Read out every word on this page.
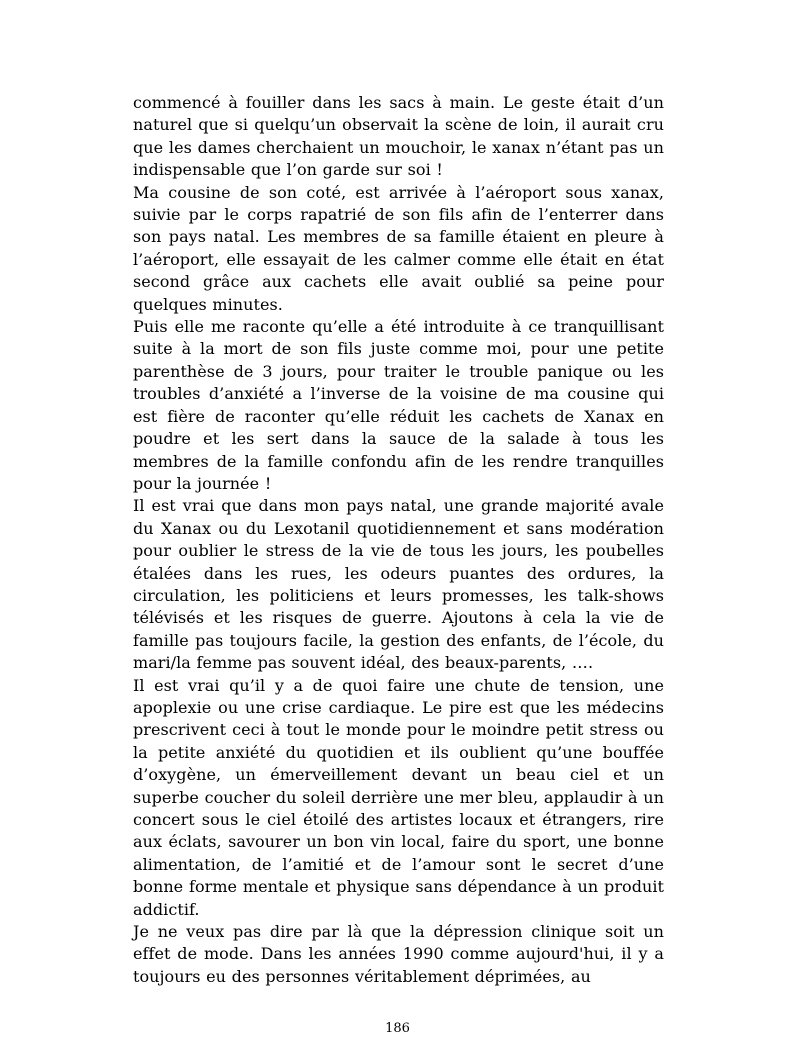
commencé à fouiller dans les sacs à main. Le geste était d’un naturel que si quelqu’un observait la scène de loin, il aurait cru que les dames cherchaient un mouchoir, le xanax n’étant pas un indispensable que l’on garde sur soi !

Ma cousine de son coté, est arrivée à l’aéroport sous xanax, suivie par le corps rapatrié de son fils afin de l’enterrer dans son pays natal. Les membres de sa famille étaient en pleure à l’aéroport, elle essayait de les calmer comme elle était en état second grâce aux cachets elle avait oublié sa peine pour quelques minutes.

Puis elle me raconte qu’elle a été introduite à ce tranquillisant suite à la mort de son fils juste comme moi, pour une petite parenthèse de 3 jours, pour traiter le trouble panique ou les troubles d’anxiété a l’inverse de la voisine de ma cousine qui est fière de raconter qu’elle réduit les cachets de Xanax en poudre et les sert dans la sauce de la salade à tous les membres de la famille confondu afin de les rendre tranquilles pour la journée !

Il est vrai que dans mon pays natal, une grande majorité avale du Xanax ou du Lexotanil quotidiennement et sans modération pour oublier le stress de la vie de tous les jours, les poubelles étalées dans les rues, les odeurs puantes des ordures, la circulation, les politiciens et leurs promesses, les talk-shows télévisés et les risques de guerre. Ajoutons à cela la vie de famille pas toujours facile, la gestion des enfants, de l’école, du mari/la femme pas souvent idéal, des beaux-parents, ….

Il est vrai qu’il y a de quoi faire une chute de tension, une apoplexie ou une crise cardiaque. Le pire est que les médecins prescrivent ceci à tout le monde pour le moindre petit stress ou la petite anxiété du quotidien et ils oublient qu’une bouffée d’oxygène, un émerveillement devant un beau ciel et un superbe coucher du soleil derrière une mer bleu, applaudir à un concert sous le ciel étoilé des artistes locaux et étrangers, rire aux éclats, savourer un bon vin local, faire du sport, une bonne alimentation, de l’amitié et de l’amour sont le secret d’une bonne forme mentale et physique sans dépendance à un produit addictif.

Je ne veux pas dire par là que la dépression clinique soit un effet de mode. Dans les années 1990 comme aujourd'hui, il y a toujours eu des personnes véritablement déprimées, au

186
